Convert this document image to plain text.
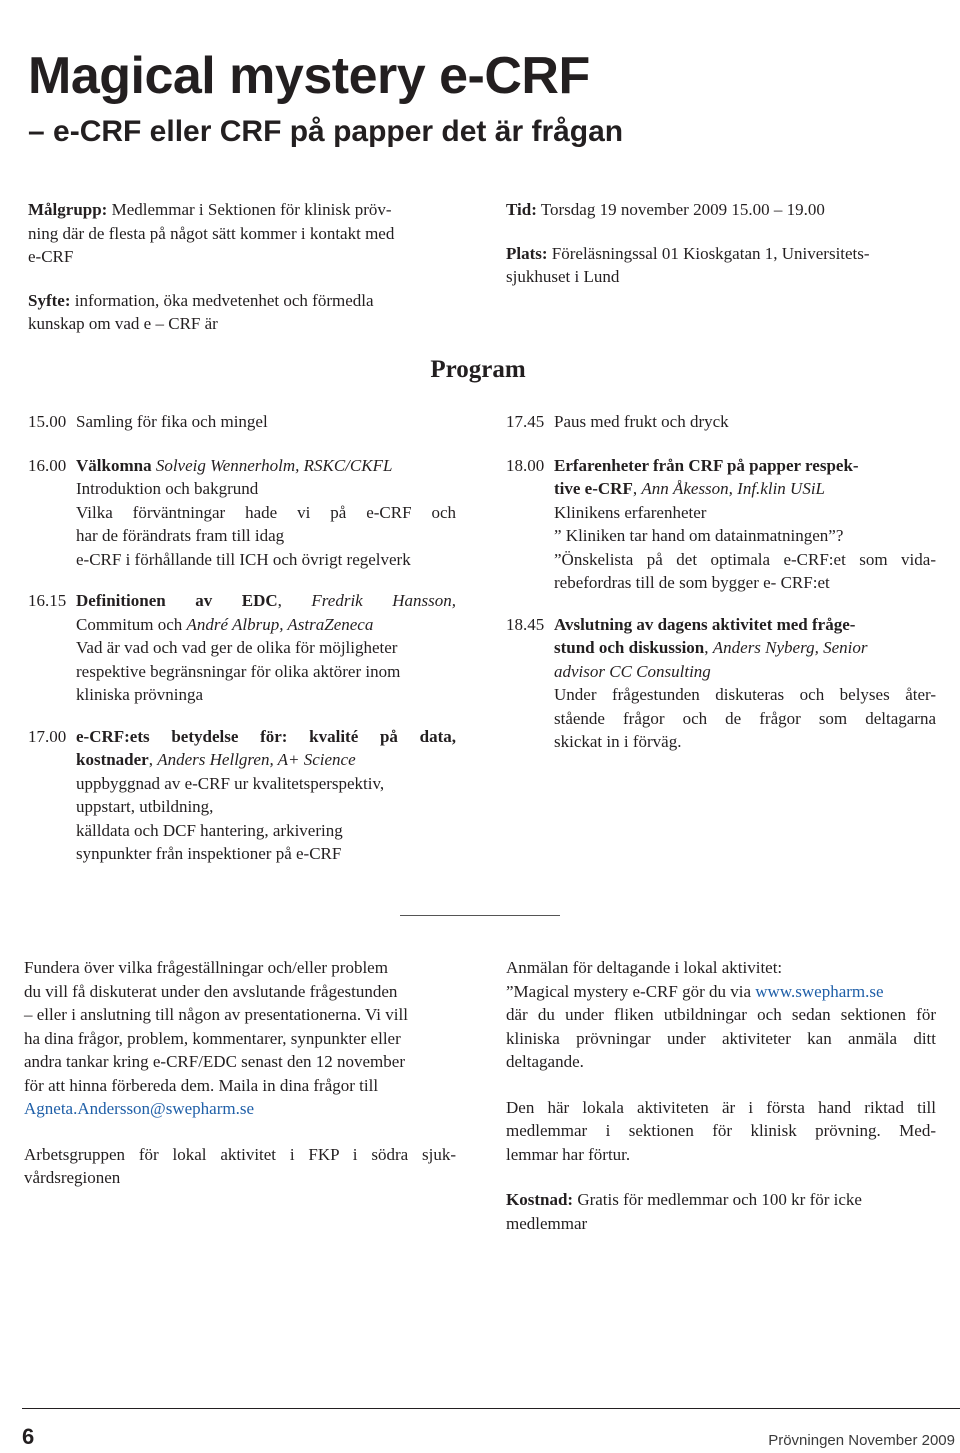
Magical mystery e-CRF
– e-CRF eller CRF på papper det är frågan

Målgrupp: Medlemmar i Sektionen för klinisk pröv-
ning där de flesta på något sätt kommer i kontakt med
e-CRF

Syfte: information, öka medvetenhet och förmedla
kunskap om vad e – CRF är

Tid: Torsdag 19 november 2009 15.00 – 19.00

Plats: Föreläsningssal 01 Kioskgatan 1, Universitets-
sjukhuset i Lund

Program
15.00 Samling för fika och mingel
16.00 Välkomna Solveig Wennerholm, RSKC/CKFL

Introduktion och bakgrund

Vilka förväntningar hade vi på e-CRF och

har de förändrats fram till idag

e-CRF i förhållande till ICH och övrigt regelverk

16.15 Definitionen av EDC, Fredrik Hansson,

Commitum och André Albrup, AstraZeneca

Vad är vad och vad ger de olika för möjligheter

respektive begränsningar för olika aktörer inom

kliniska prövninga

17.00 e-CRF:ets betydelse för: kvalité på data,

kostnader, Anders Hellgren, A+ Science

uppbyggnad av e-CRF ur kvalitetsperspektiv,

uppstart, utbildning,

källdata och DCF hantering, arkivering

synpunkter från inspektioner på e-CRF

17.45 Paus med frukt och dryck
18.00 Erfarenheter från CRF på papper respek-

tive e-CRF, Ann Åkesson, Inf.klin USiL

Klinikens erfarenheter

” Kliniken tar hand om datainmatningen”?

”Önskelista på det optimala e-CRF:et som vida-

rebefordras till de som bygger e- CRF:et

18.45 Avslutning av dagens aktivitet med fråge-

stund och diskussion, Anders Nyberg, Senior

advisor CC Consulting

Under frågestunden diskuteras och belyses åter-

stående frågor och de frågor som deltagarna

skickat in i förväg.

Fundera över vilka frågeställningar och/eller problem

du vill få diskuterat under den avslutande frågestunden

– eller i anslutning till någon av presentationerna. Vi vill

ha dina frågor, problem, kommentarer, synpunkter eller

andra tankar kring e-CRF/EDC senast den 12 november

för att hinna förbereda dem. Maila in dina frågor till

Agneta.Andersson@swepharm.se

Arbetsgruppen för lokal aktivitet i FKP i södra sjuk-

vårdsregionen

Anmälan för deltagande i lokal aktivitet:

”Magical mystery e-CRF gör du via www.swepharm.se

där du under fliken utbildningar och sedan sektionen för

kliniska prövningar under aktiviteter kan anmäla ditt

deltagande.

Den här lokala aktiviteten är i första hand riktad till

medlemmar i sektionen för klinisk prövning. Med-

lemmar har förtur.

Kostnad: Gratis för medlemmar och 100 kr för icke

medlemmar

6	Prövningen November 2009
